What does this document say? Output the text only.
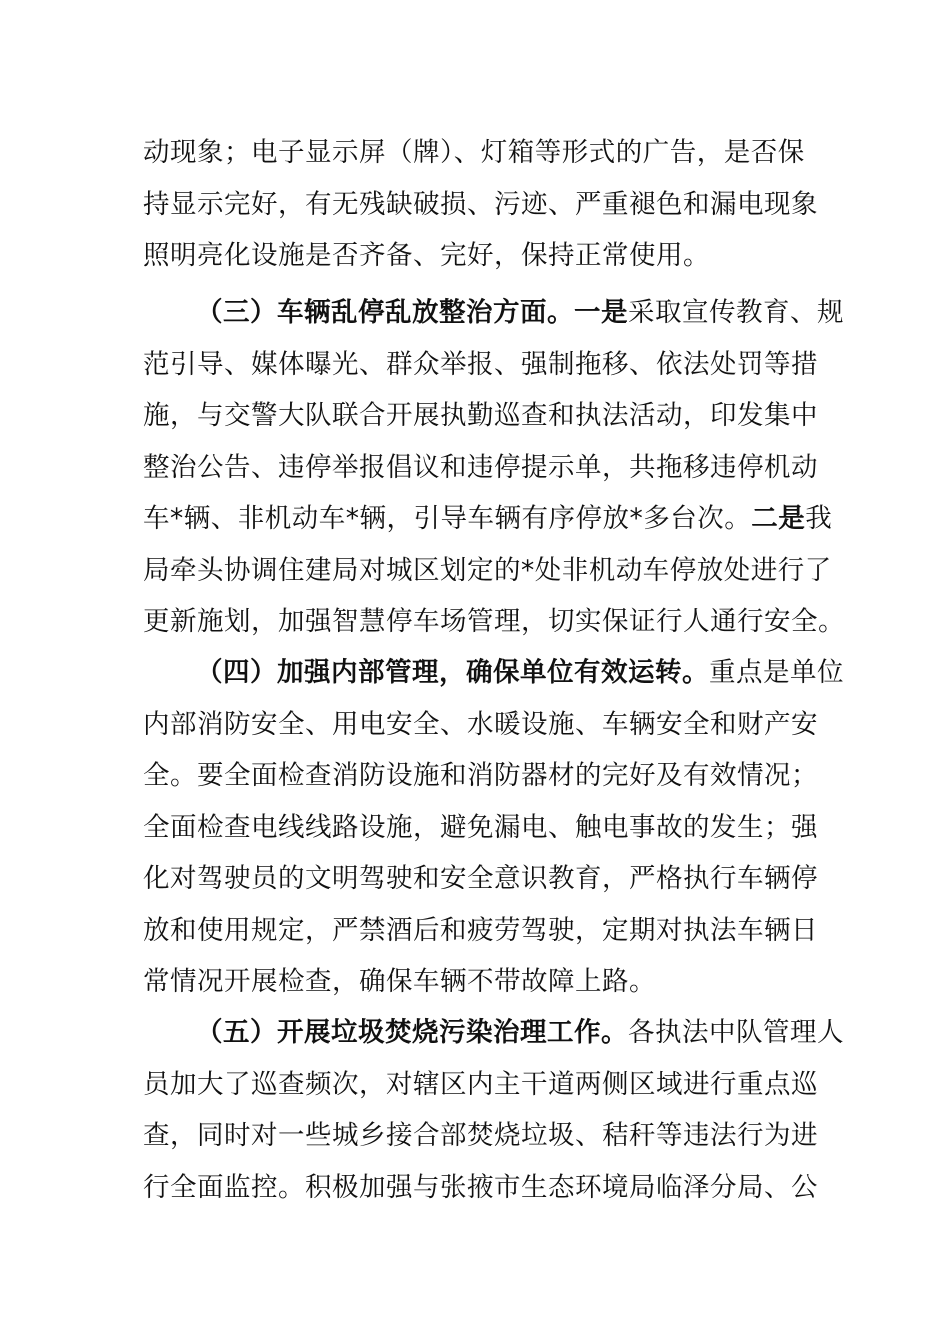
动现象；电子显示屏（牌）、灯箱等形式的广告，是否保
持显示完好，有无残缺破损、污迹、严重褪色和漏电现象
照明亮化设施是否齐备、完好，保持正常使用。
（三）车辆乱停乱放整治方面。一是采取宣传教育、规
范引导、媒体曝光、群众举报、强制拖移、依法处罚等措
施，与交警大队联合开展执勤巡查和执法活动，印发集中
整治公告、违停举报倡议和违停提示单，共拖移违停机动
车*辆、非机动车*辆，引导车辆有序停放*多台次。二是我
局牵头协调住建局对城区划定的*处非机动车停放处进行了
更新施划，加强智慧停车场管理，切实保证行人通行安全。
（四）加强内部管理，确保单位有效运转。重点是单位
内部消防安全、用电安全、水暖设施、车辆安全和财产安
全。要全面检查消防设施和消防器材的完好及有效情况；
全面检查电线线路设施，避免漏电、触电事故的发生；强
化对驾驶员的文明驾驶和安全意识教育，严格执行车辆停
放和使用规定，严禁酒后和疲劳驾驶，定期对执法车辆日
常情况开展检查，确保车辆不带故障上路。
（五）开展垃圾焚烧污染治理工作。各执法中队管理人
员加大了巡查频次，对辖区内主干道两侧区域进行重点巡
查，同时对一些城乡接合部焚烧垃圾、秸秆等违法行为进
行全面监控。积极加强与张掖市生态环境局临泽分局、公
